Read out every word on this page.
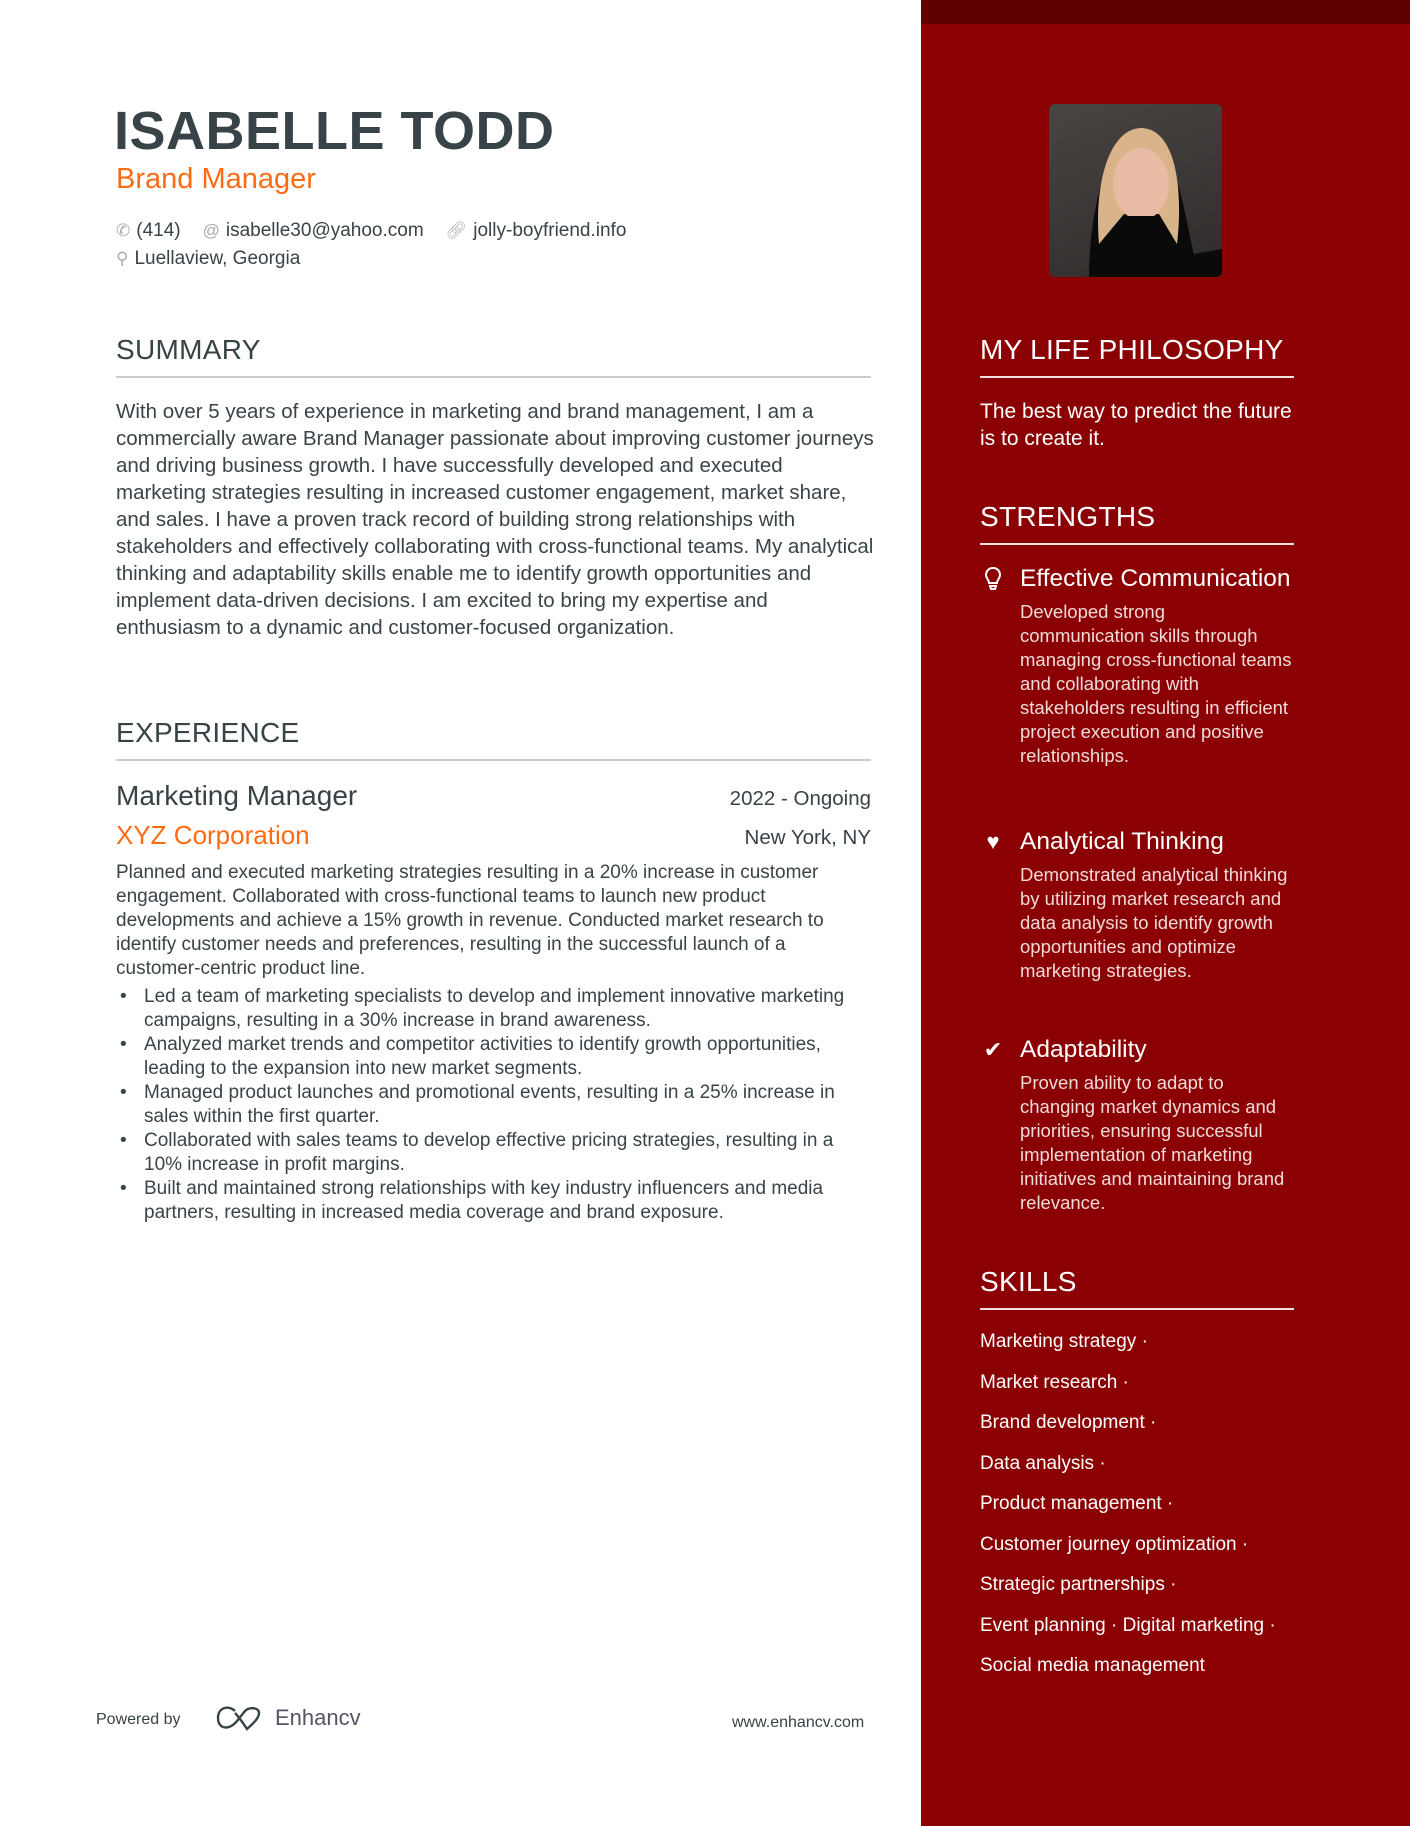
ISABELLE TODD
Brand Manager
✆ (414) @ isabelle30@yahoo.com 🔗︎ jolly-boyfriend.info
⚲ Luellaview, Georgia
SUMMARY
With over 5 years of experience in marketing and brand management, I am a commercially aware Brand Manager passionate about improving customer journeys and driving business growth. I have successfully developed and executed marketing strategies resulting in increased customer engagement, market share, and sales. I have a proven track record of building strong relationships with stakeholders and effectively collaborating with cross-functional teams. My analytical thinking and adaptability skills enable me to identify growth opportunities and implement data-driven decisions. I am excited to bring my expertise and enthusiasm to a dynamic and customer-focused organization.
EXPERIENCE
Marketing Manager	2022 - Ongoing
XYZ Corporation	New York, NY
Planned and executed marketing strategies resulting in a 20% increase in customer engagement. Collaborated with cross-functional teams to launch new product developments and achieve a 15% growth in revenue. Conducted market research to identify customer needs and preferences, resulting in the successful launch of a customer-centric product line.
• Led a team of marketing specialists to develop and implement innovative marketing campaigns, resulting in a 30% increase in brand awareness.
• Analyzed market trends and competitor activities to identify growth opportunities, leading to the expansion into new market segments.
• Managed product launches and promotional events, resulting in a 25% increase in sales within the first quarter.
• Collaborated with sales teams to develop effective pricing strategies, resulting in a 10% increase in profit margins.
• Built and maintained strong relationships with key industry influencers and media partners, resulting in increased media coverage and brand exposure.
Powered by	Enhancv	www.enhancv.com
MY LIFE PHILOSOPHY
The best way to predict the future is to create it.
STRENGTHS
Effective Communication
Developed strong communication skills through managing cross-functional teams and collaborating with stakeholders resulting in efficient project execution and positive relationships.
♥ Analytical Thinking
Demonstrated analytical thinking by utilizing market research and data analysis to identify growth opportunities and optimize marketing strategies.
✔ Adaptability
Proven ability to adapt to changing market dynamics and priorities, ensuring successful implementation of marketing initiatives and maintaining brand relevance.
SKILLS
Marketing strategy ·
Market research ·
Brand development ·
Data analysis ·
Product management ·
Customer journey optimization ·
Strategic partnerships ·
Event planning · Digital marketing ·
Social media management
